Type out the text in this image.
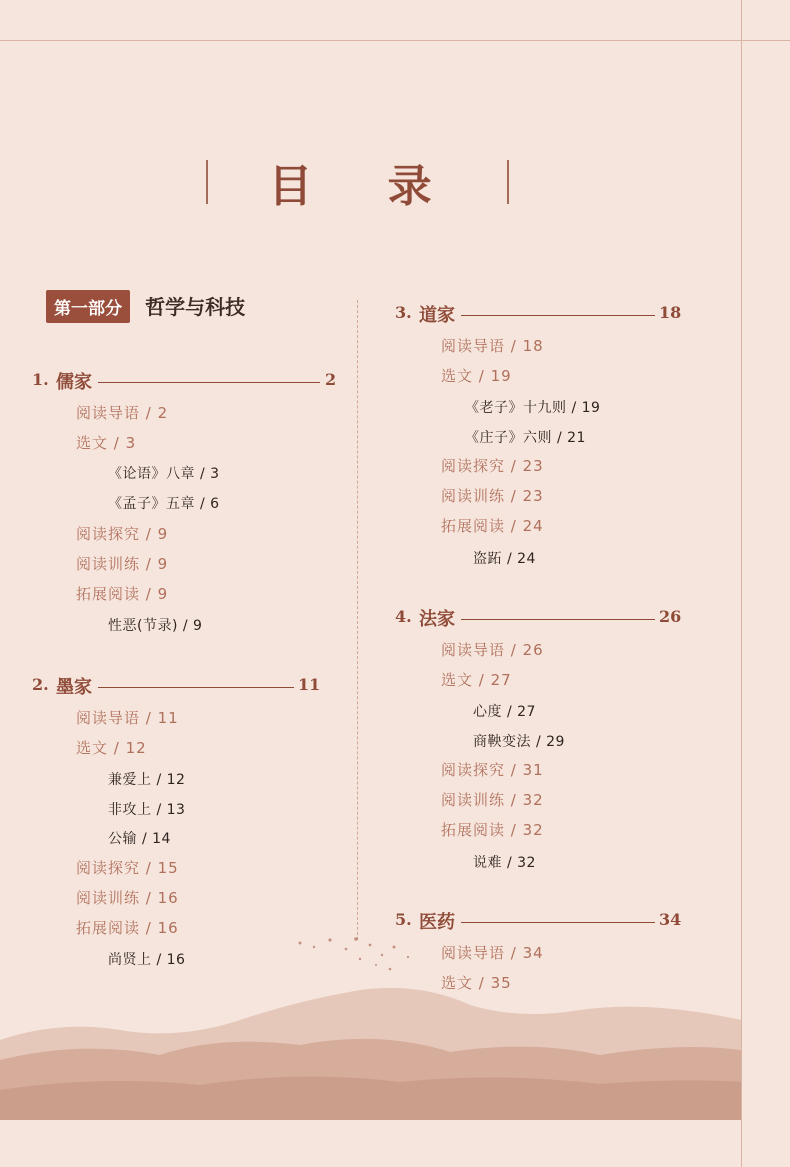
目 录
第一部分 哲学与科技
1. 儒家	2
阅读导语 / 2
选文 / 3
《论语》八章 / 3
《孟子》五章 / 6
阅读探究 / 9
阅读训练 / 9
拓展阅读 / 9
性恶(节录) / 9
2. 墨家	11
阅读导语 / 11
选文 / 12
兼爱上 / 12
非攻上 / 13
公输 / 14
阅读探究 / 15
阅读训练 / 16
拓展阅读 / 16
尚贤上 / 16
3. 道家	18
阅读导语 / 18
选文 / 19
《老子》十九则 / 19
《庄子》六则 / 21
阅读探究 / 23
阅读训练 / 23
拓展阅读 / 24
盗跖 / 24
4. 法家	26
阅读导语 / 26
选文 / 27
心度 / 27
商鞅变法 / 29
阅读探究 / 31
阅读训练 / 32
拓展阅读 / 32
说难 / 32
5. 医药	34
阅读导语 / 34
选文 / 35
